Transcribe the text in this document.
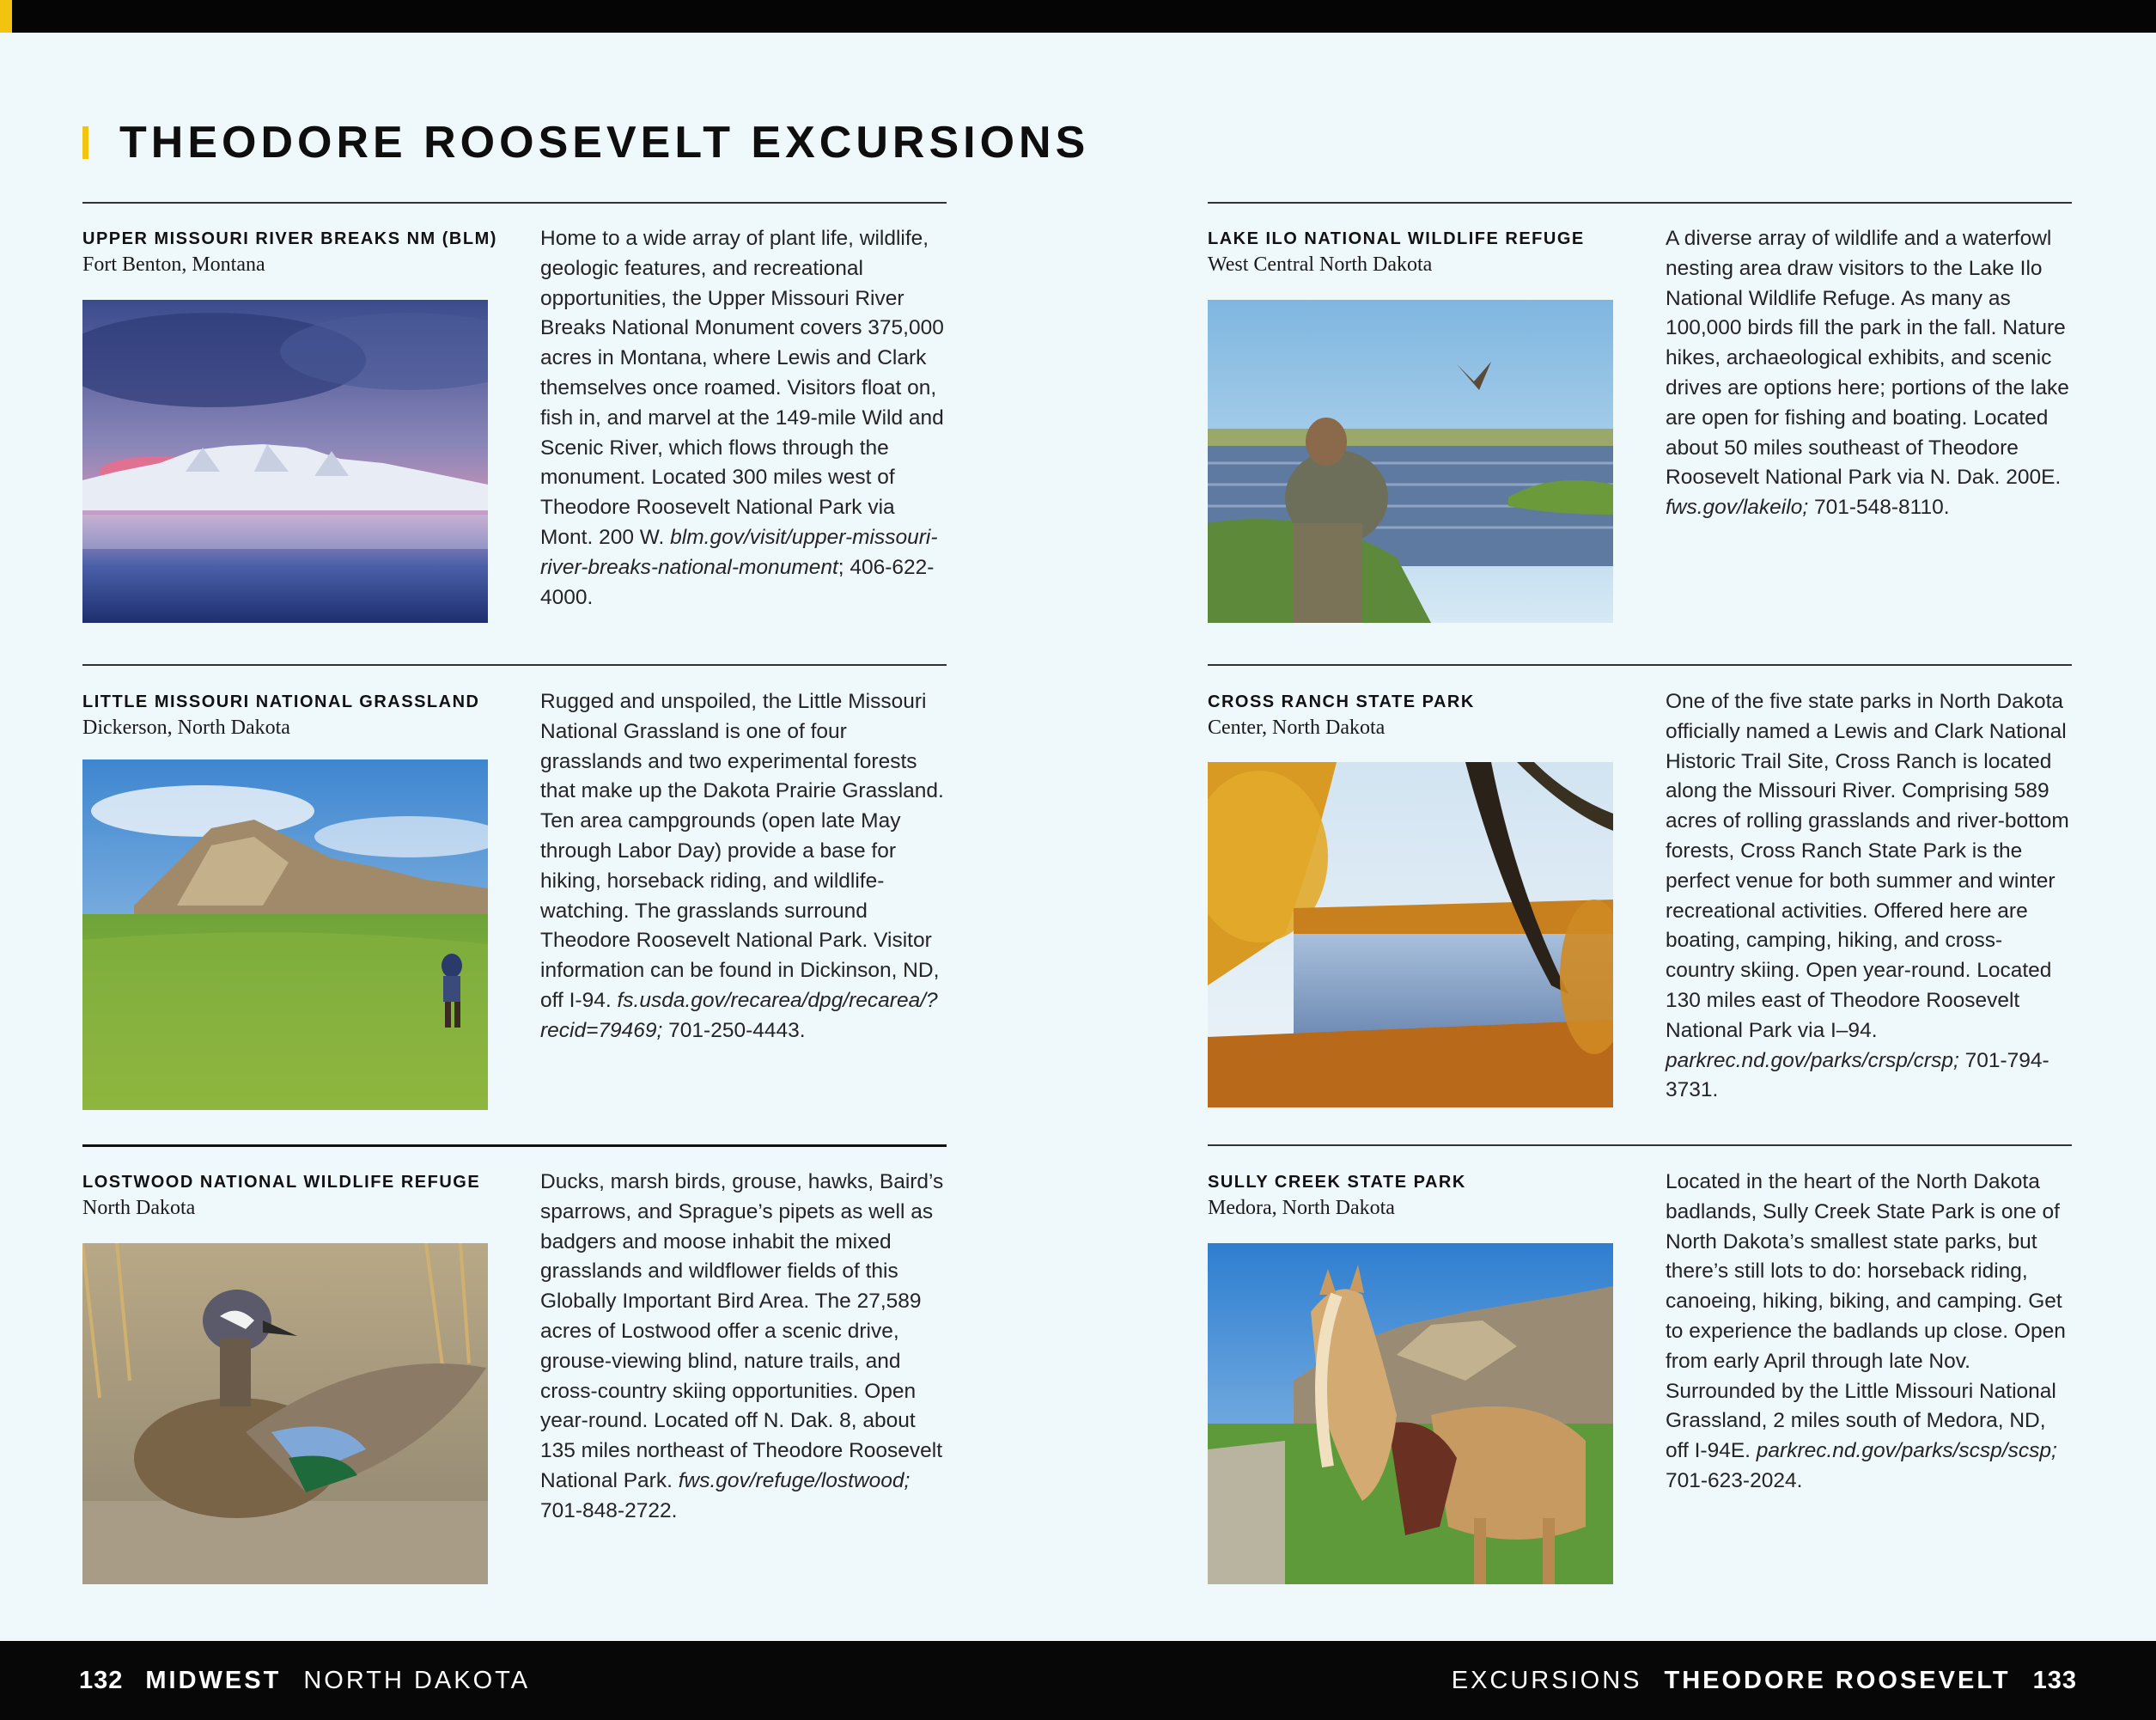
THEODORE ROOSEVELT EXCURSIONS
UPPER MISSOURI RIVER BREAKS NM (BLM)
Fort Benton, Montana

Home to a wide array of plant life, wildlife, geologic features, and recreational opportunities, the Upper Missouri River Breaks National Monument covers 375,000 acres in Montana, where Lewis and Clark themselves once roamed. Visitors float on, fish in, and marvel at the 149-mile Wild and Scenic River, which flows through the monument. Located 300 miles west of Theodore Roosevelt National Park via Mont. 200 W. blm.gov/visit/upper-missouri-river-breaks-national-monument; 406-622-4000.

LAKE ILO NATIONAL WILDLIFE REFUGE
West Central North Dakota

A diverse array of wildlife and a waterfowl nesting area draw visitors to the Lake Ilo National Wildlife Refuge. As many as 100,000 birds fill the park in the fall. Nature hikes, archaeological exhibits, and scenic drives are options here; portions of the lake are open for fishing and boating. Located about 50 miles southeast of Theodore Roosevelt National Park via N. Dak. 200E. fws.gov/lakeilo; 701-548-8110.

LITTLE MISSOURI NATIONAL GRASSLAND
Dickerson, North Dakota

Rugged and unspoiled, the Little Missouri National Grassland is one of four grasslands and two experimental forests that make up the Dakota Prairie Grassland. Ten area campgrounds (open late May through Labor Day) provide a base for hiking, horseback riding, and wildlife-watching. The grasslands surround Theodore Roosevelt National Park. Visitor information can be found in Dickinson, ND, off I-94. fs.usda.gov/recarea/dpg/recarea/?recid=79469; 701-250-4443.

CROSS RANCH STATE PARK
Center, North Dakota

One of the five state parks in North Dakota officially named a Lewis and Clark National Historic Trail Site, Cross Ranch is located along the Missouri River. Comprising 589 acres of rolling grasslands and river-bottom forests, Cross Ranch State Park is the perfect venue for both summer and winter recreational activities. Offered here are boating, camping, hiking, and cross-country skiing. Open year-round. Located 130 miles east of Theodore Roosevelt National Park via I–94. parkrec.nd.gov/parks/crsp/crsp; 701-794-3731.

LOSTWOOD NATIONAL WILDLIFE REFUGE
North Dakota

Ducks, marsh birds, grouse, hawks, Baird’s sparrows, and Sprague’s pipets as well as badgers and moose inhabit the mixed grasslands and wildflower fields of this Globally Important Bird Area. The 27,589 acres of Lostwood offer a scenic drive, grouse-viewing blind, nature trails, and cross-country skiing opportunities. Open year-round. Located off N. Dak. 8, about 135 miles northeast of Theodore Roosevelt National Park. fws.gov/refuge/lostwood; 701-848-2722.

SULLY CREEK STATE PARK
Medora, North Dakota

Located in the heart of the North Dakota badlands, Sully Creek State Park is one of North Dakota’s smallest state parks, but there’s still lots to do: horseback riding, canoeing, hiking, biking, and camping. Get to experience the badlands up close. Open from early April through late Nov. Surrounded by the Little Missouri National Grassland, 2 miles south of Medora, ND, off I-94E. parkrec.nd.gov/parks/scsp/scsp; 701-623-2024.

132 MIDWEST NORTH DAKOTA	EXCURSIONS THEODORE ROOSEVELT 133
